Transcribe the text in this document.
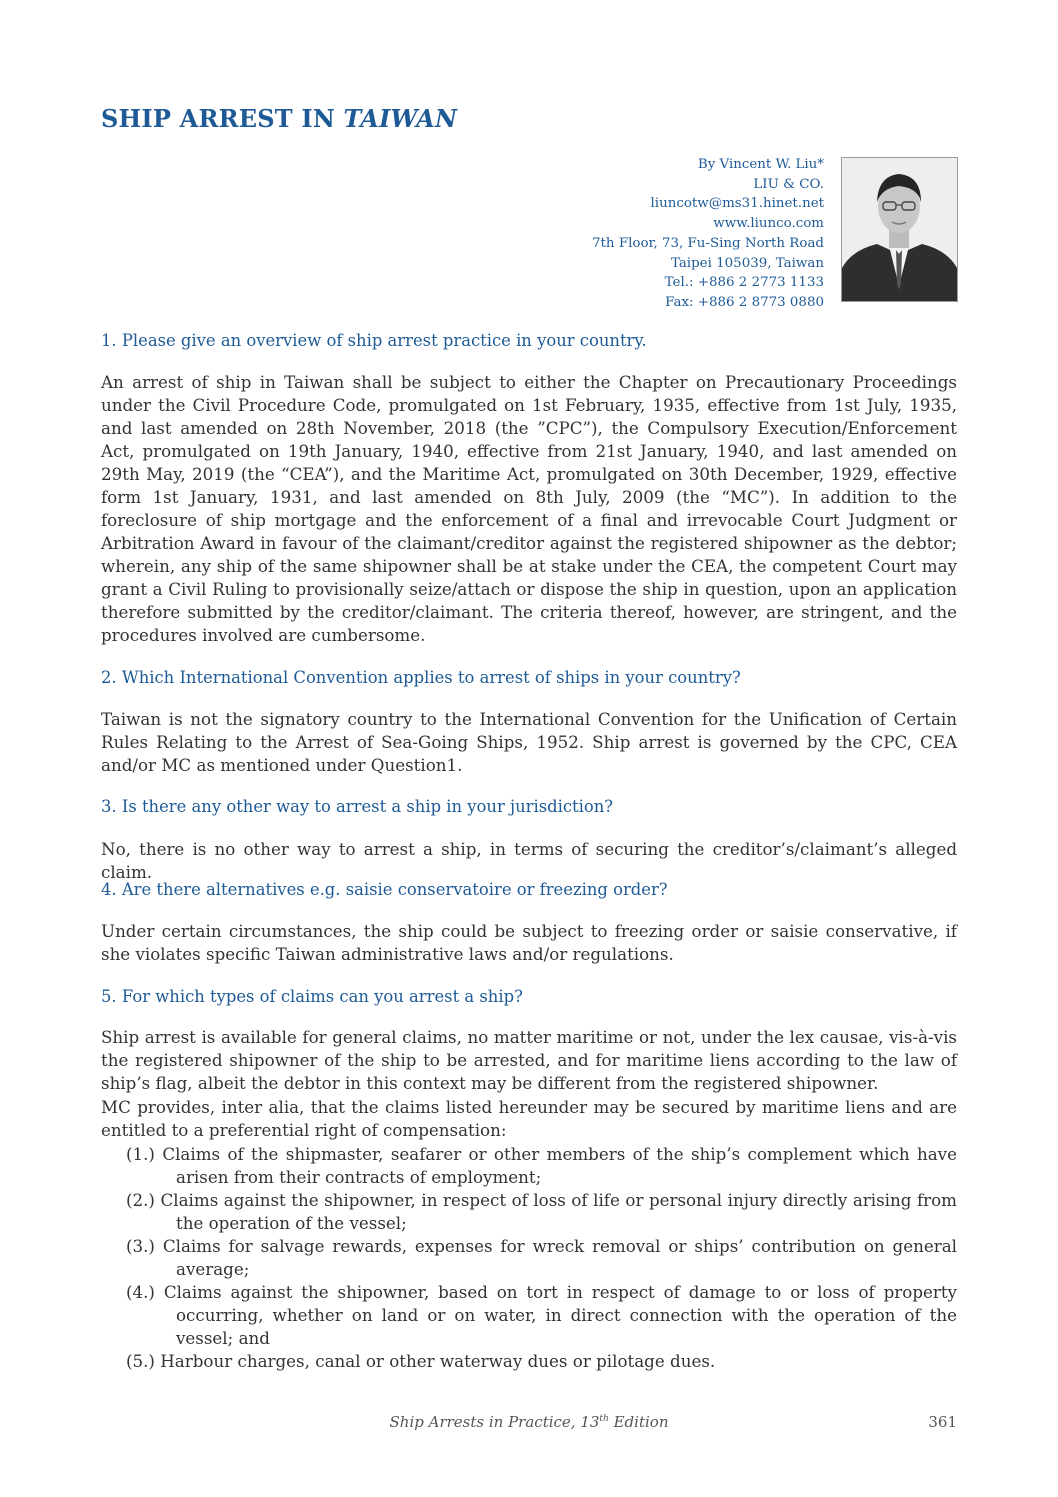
SHIP ARREST IN TAIWAN
By Vincent W. Liu*
LIU & CO.
liuncotw@ms31.hinet.net
www.liunco.com
7th Floor, 73, Fu-Sing North Road
Taipei 105039, Taiwan
Tel.: +886 2 2773 1133
Fax: +886 2 8773 0880
1. Please give an overview of ship arrest practice in your country.
An arrest of ship in Taiwan shall be subject to either the Chapter on Precautionary Proceedings under the Civil Procedure Code, promulgated on 1st February, 1935, effective from 1st July, 1935, and last amended on 28th November, 2018 (the ”CPC”), the Compulsory Execution/Enforcement Act, promulgated on 19th January, 1940, effective from 21st January, 1940, and last amended on 29th May, 2019 (the “CEA”), and the Maritime Act, promulgated on 30th December, 1929, effective form 1st January, 1931, and last amended on 8th July, 2009 (the “MC”). In addition to the foreclosure of ship mortgage and the enforcement of a final and irrevocable Court Judgment or Arbitration Award in favour of the claimant/creditor against the registered shipowner as the debtor; wherein, any ship of the same shipowner shall be at stake under the CEA, the competent Court may grant a Civil Ruling to provisionally seize/attach or dispose the ship in question, upon an application therefore submitted by the creditor/claimant. The criteria thereof, however, are stringent, and the procedures involved are cumbersome.
2. Which International Convention applies to arrest of ships in your country?
Taiwan is not the signatory country to the International Convention for the Unification of Certain Rules Relating to the Arrest of Sea-Going Ships, 1952. Ship arrest is governed by the CPC, CEA and/or MC as mentioned under Question1.
3. Is there any other way to arrest a ship in your jurisdiction?
No, there is no other way to arrest a ship, in terms of securing the creditor’s/claimant’s alleged claim.
4. Are there alternatives e.g. saisie conservatoire or freezing order?
Under certain circumstances, the ship could be subject to freezing order or saisie conservative, if she violates specific Taiwan administrative laws and/or regulations.
5. For which types of claims can you arrest a ship?
Ship arrest is available for general claims, no matter maritime or not, under the lex causae, vis-à-vis the registered shipowner of the ship to be arrested, and for maritime liens according to the law of ship’s flag, albeit the debtor in this context may be different from the registered shipowner.
MC provides, inter alia, that the claims listed hereunder may be secured by maritime liens and are entitled to a preferential right of compensation:
(1.) Claims of the shipmaster, seafarer or other members of the ship’s complement which have arisen from their contracts of employment;
(2.) Claims against the shipowner, in respect of loss of life or personal injury directly arising from the operation of the vessel;
(3.) Claims for salvage rewards, expenses for wreck removal or ships’ contribution on general average;
(4.) Claims against the shipowner, based on tort in respect of damage to or loss of property occurring, whether on land or on water, in direct connection with the operation of the vessel; and
(5.) Harbour charges, canal or other waterway dues or pilotage dues.
Ship Arrests in Practice, 13th Edition	361
